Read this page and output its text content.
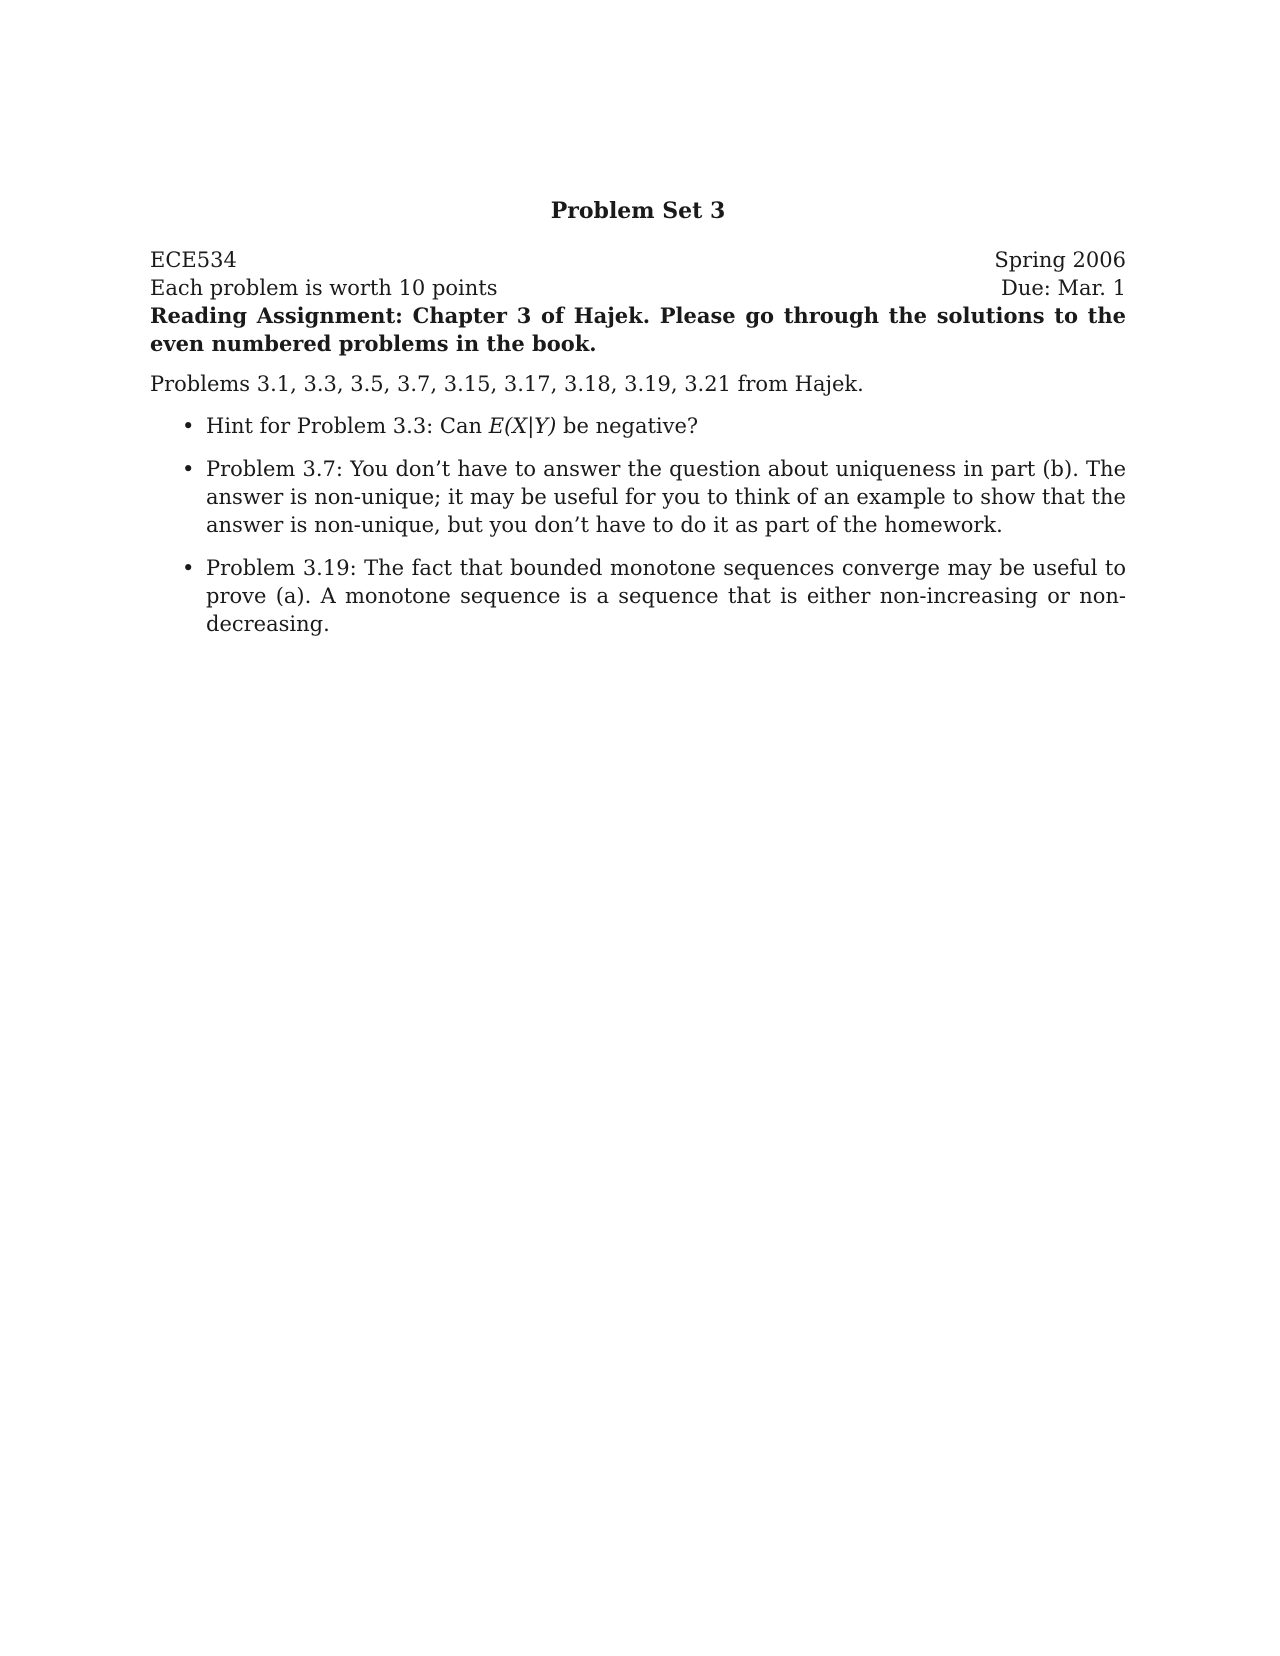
Problem Set 3
ECE534	Spring 2006
Each problem is worth 10 points	Due: Mar. 1

Reading Assignment: Chapter 3 of Hajek. Please go through the solutions to the even numbered problems in the book.

Problems 3.1, 3.3, 3.5, 3.7, 3.15, 3.17, 3.18, 3.19, 3.21 from Hajek.
• Hint for Problem 3.3: Can E(X|Y) be negative?
• Problem 3.7: You don’t have to answer the question about uniqueness in part (b). The answer is non-unique; it may be useful for you to think of an example to show that the answer is non-unique, but you don’t have to do it as part of the homework.
• Problem 3.19: The fact that bounded monotone sequences converge may be useful to prove (a). A monotone sequence is a sequence that is either non-increasing or non-decreasing.
